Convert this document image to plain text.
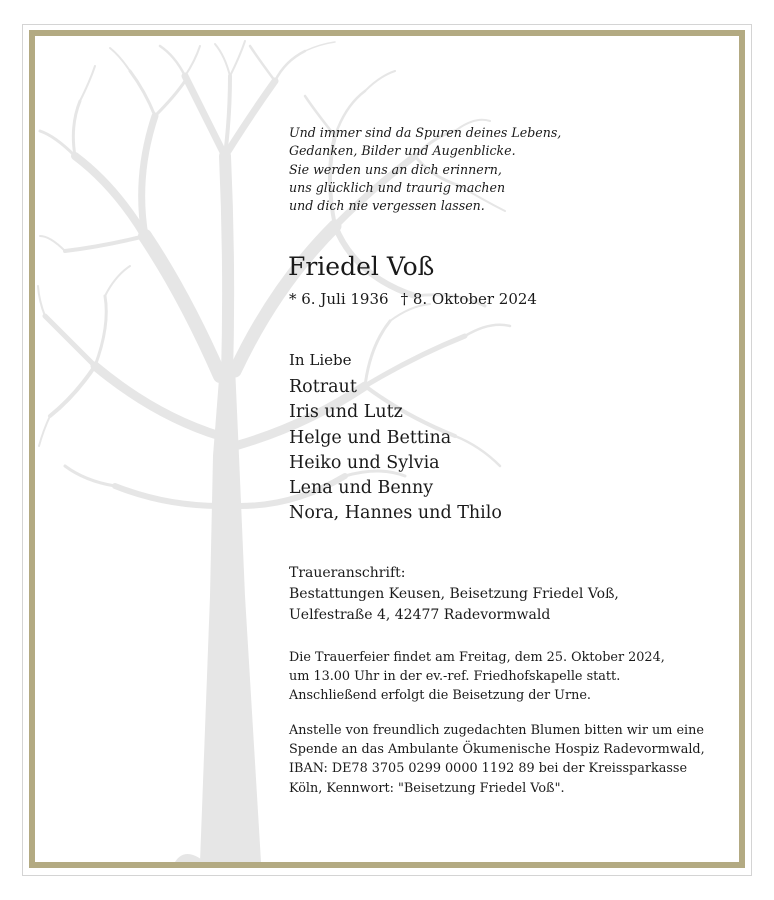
Und immer sind da Spuren deines Lebens,
Gedanken, Bilder und Augenblicke.
Sie werden uns an dich erinnern,
uns glücklich und traurig machen
und dich nie vergessen lassen.
Friedel Voß
* 6. Juli 1936 † 8. Oktober 2024
In Liebe
Rotraut
Iris und Lutz
Helge und Bettina
Heiko und Sylvia
Lena und Benny
Nora, Hannes und Thilo
Traueranschrift:
Bestattungen Keusen, Beisetzung Friedel Voß,
Uelfestraße 4, 42477 Radevormwald
Die Trauerfeier findet am Freitag, dem 25. Oktober 2024,
um 13.00 Uhr in der ev.-ref. Friedhofskapelle statt.
Anschließend erfolgt die Beisetzung der Urne.
Anstelle von freundlich zugedachten Blumen bitten wir um eine
Spende an das Ambulante Ökumenische Hospiz Radevormwald,
IBAN: DE78 3705 0299 0000 1192 89 bei der Kreissparkasse
Köln, Kennwort: "Beisetzung Friedel Voß".
